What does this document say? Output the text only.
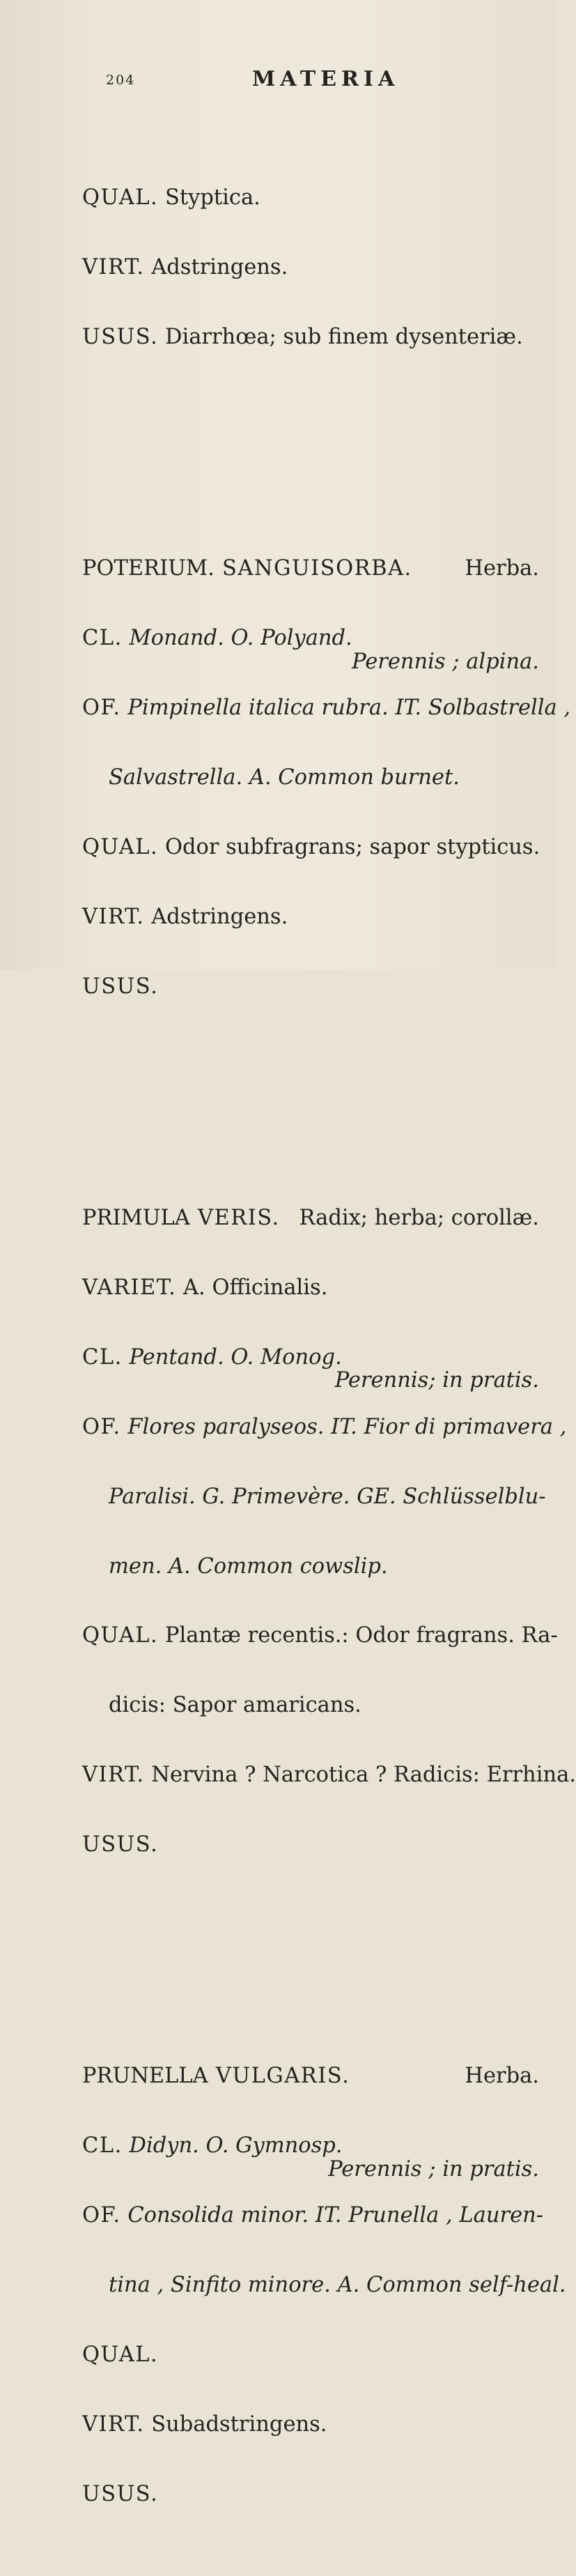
204	MATERIA

QUAL. Styptica.

VIRT. Adstringens.

USUS. Diarrhœa; sub finem dysenteriæ.

POTERIUM. SANGUISORBA. Herba.

CL. Monand. O. Polyand.
Perennis ; alpina.

OF. Pimpinella italica rubra. IT. Solbastrella ,

Salvastrella. A. Common burnet.

QUAL. Odor subfragrans; sapor stypticus.

VIRT. Adstringens.

USUS.

PRIMULA VERIS. Radix; herba; corollæ.

VARIET. A. Officinalis.

CL. Pentand. O. Monog.
Perennis; in pratis.

OF. Flores paralyseos. IT. Fior di primavera ,

Paralisi. G. Primevère. GE. Schlüsselblu-

men. A. Common cowslip.

QUAL. Plantæ recentis.: Odor fragrans. Ra-

dicis: Sapor amaricans.

VIRT. Nervina ? Narcotica ? Radicis: Errhina.

USUS.

PRUNELLA VULGARIS.	Herba.

CL. Didyn. O. Gymnosp.
Perennis ; in pratis.

OF. Consolida minor. IT. Prunella , Lauren-

tina , Sinfito minore. A. Common self-heal.

QUAL.

VIRT. Subadstringens.

USUS.
